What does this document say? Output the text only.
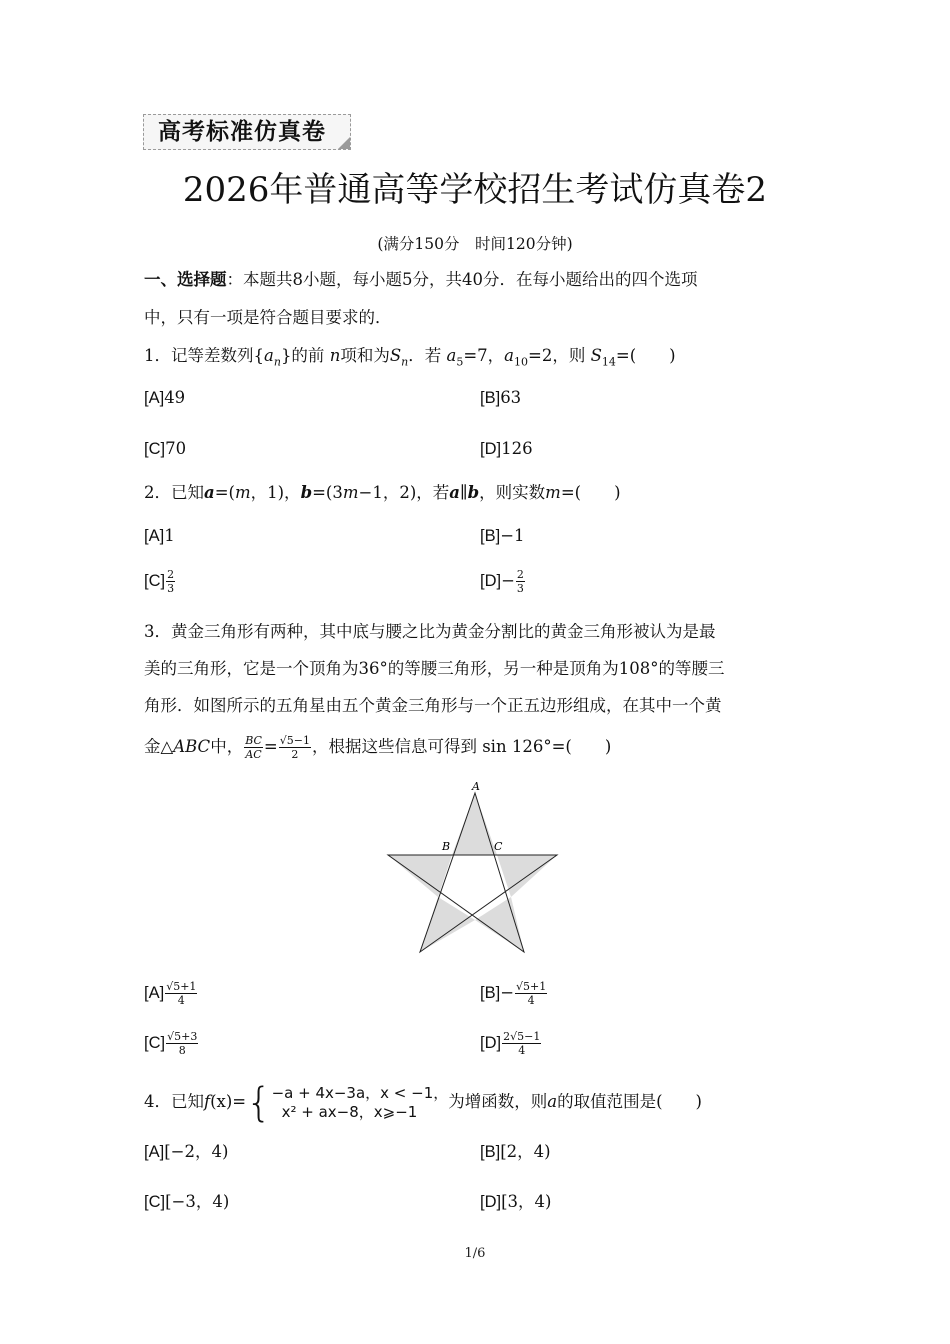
高考标准仿真卷
2026年普通高等学校招生考试仿真卷2
(满分150分　时间120分钟)
一、选择题：本题共8小题，每小题5分，共40分．在每小题给出的四个选项
中，只有一项是符合题目要求的．
1．记等差数列$\{a_n\}$的前 n项和为$S_n$．若 $a_5=7$，$a_{10}=2$，则 $S_{14}=$(　　)
[A]49	[B]63
[C]70	[D]126
2．已知a=(m，1)，b=(3m−1，2)，若a∥b，则实数m=(　　)
[A]1	[B]−1
$[C] \frac{2}{3}$	$[D]- \frac{2}{3}$
3．黄金三角形有两种，其中底与腰之比为黄金分割比的黄金三角形被认为是最
美的三角形，它是一个顶角为36°的等腰三角形，另一种是顶角为108°的等腰三
角形．如图所示的五角星由五个黄金三角形与一个正五边形组成，在其中一个黄
金△ABC中， $\frac{BC}{AC} = \frac{√5-1}{2}$ ，根据这些信息可得到 sin 126°=(　　)
A
B	C
$[A] \frac{√5+1}{4}$	$[B]- \frac{√5+1}{4}$
$[C] \frac{√5+3}{8}$	$[D] \frac{2√5-1}{4}$
4．已知f(x)={ −a + 4x−3a，x < −1，
x² + ax−8，x⩾−1
为增函数，则a的取值范围是(　　)
[A][−2，4)	[B][2，4)
[C][−3，4)	[D][3，4)
1/6
